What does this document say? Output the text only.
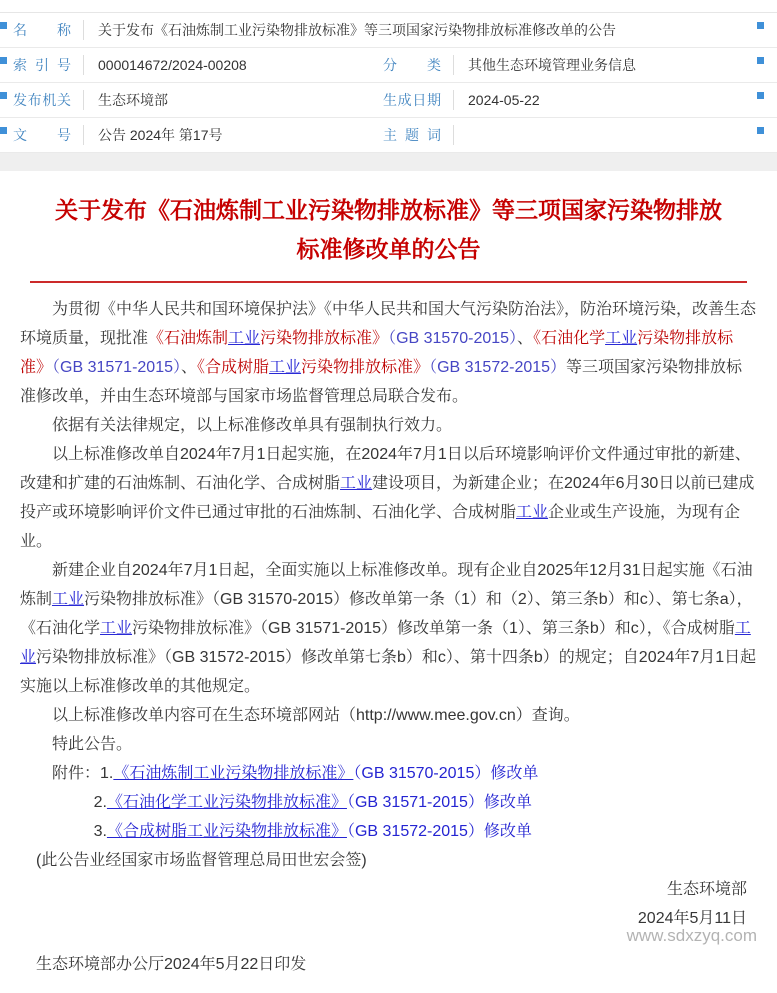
名称	关于发布《石油炼制工业污染物排放标准》等三项国家污染物排放标准修改单的公告
索引号	000014672/2024-00208	分类	其他生态环境管理业务信息
发布机关	生态环境部	生成日期	2024-05-22
文号	公告 2024年 第17号	主题词
关于发布《石油炼制工业污染物排放标准》等三项国家污染物排放标准修改单的公告

为贯彻《中华人民共和国环境保护法》《中华人民共和国大气污染防治法》，防治环境污染，改善生态环境质量，现批准《石油炼制工业污染物排放标准》（GB 31570-2015）、《石油化学工业污染物排放标准》（GB 31571-2015）、《合成树脂工业污染物排放标准》（GB 31572-2015）等三项国家污染物排放标准修改单，并由生态环境部与国家市场监督管理总局联合发布。

依据有关法律规定，以上标准修改单具有强制执行效力。

以上标准修改单自2024年7月1日起实施，在2024年7月1日以后环境影响评价文件通过审批的新建、改建和扩建的石油炼制、石油化学、合成树脂工业建设项目，为新建企业；在2024年6月30日以前已建成投产或环境影响评价文件已通过审批的石油炼制、石油化学、合成树脂工业企业或生产设施，为现有企业。

新建企业自2024年7月1日起，全面实施以上标准修改单。现有企业自2025年12月31日起实施《石油炼制工业污染物排放标准》（GB 31570-2015）修改单第一条（1）和（2）、第三条b）和c）、第七条a），《石油化学工业污染物排放标准》（GB 31571-2015）修改单第一条（1）、第三条b）和c），《合成树脂工业污染物排放标准》（GB 31572-2015）修改单第七条b）和c）、第十四条b）的规定；自2024年7月1日起实施以上标准修改单的其他规定。

以上标准修改单内容可在生态环境部网站（http://www.mee.gov.cn）查询。

特此公告。

附件：1.《石油炼制工业污染物排放标准》（GB 31570-2015）修改单

2.《石油化学工业污染物排放标准》（GB 31571-2015）修改单

3.《合成树脂工业污染物排放标准》（GB 31572-2015）修改单

(此公告业经国家市场监督管理总局田世宏会签)

生态环境部

2024年5月11日

www.sdxzyq.com

生态环境部办公厅2024年5月22日印发
